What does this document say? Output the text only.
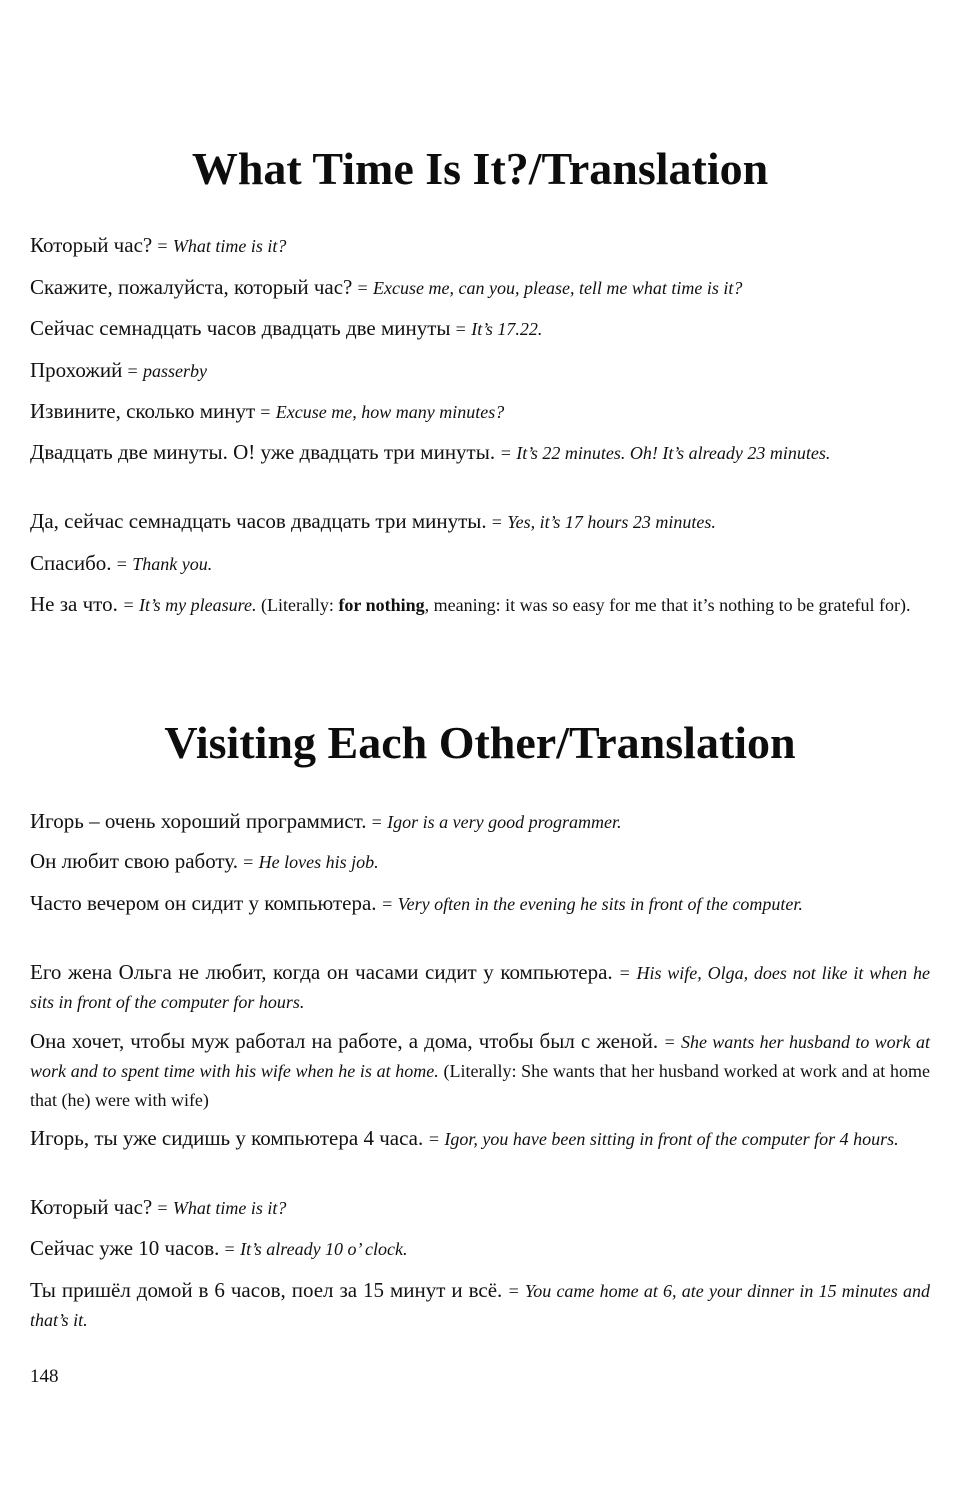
What Time Is It?/Translation

Который час? = What time is it?

Скажите, пожалуйста, который час? = Excuse me, can you, please, tell me what time is it?

Сейчас семнадцать часов двадцать две минуты = It’s 17.22.

Прохожий = passerby

Извините, сколько минут = Excuse me, how many minutes?

Двадцать две минуты. О! уже двадцать три минуты. = It’s 22 minutes. Oh! It’s already 23 minutes.

Да, сейчас семнадцать часов двадцать три минуты. = Yes, it’s 17 hours 23 minutes.

Спасибо. = Thank you.

Не за что. = It’s my pleasure. (Literally: for nothing, meaning: it was so easy for me that it’s nothing to be grateful for).

Visiting Each Other/Translation

Игорь – очень хороший программист. = Igor is a very good programmer.

Он любит свою работу. = He loves his job.

Часто вечером он сидит у компьютера. = Very often in the evening he sits in front of the computer.

Его жена Ольга не любит, когда он часами сидит у компьютера. = His wife, Olga, does not like it when he sits in front of the computer for hours.

Она хочет, чтобы муж работал на работе, а дома, чтобы был с женой. = She wants her husband to work at work and to spent time with his wife when he is at home. (Literally: She wants that her husband worked at work and at home that (he) were with wife)

Игорь, ты уже сидишь у компьютера 4 часа. = Igor, you have been sitting in front of the computer for 4 hours.

Который час? = What time is it?

Сейчас уже 10 часов. = It’s already 10 o’ clock.

Ты пришёл домой в 6 часов, поел за 15 минут и всё. = You came home at 6, ate your dinner in 15 minutes and that’s it.

148
